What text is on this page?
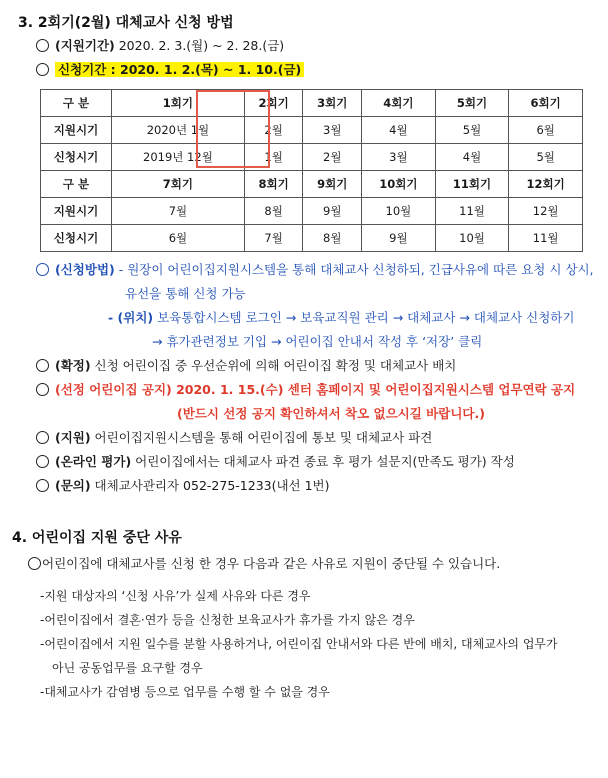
3. 2회기(2월) 대체교사 신청 방법
(지원기간) 2020. 2. 3.(월) ~ 2. 28.(금)
신청기간 : 2020. 1. 2.(목) ~ 1. 10.(금)
구 분	1회기	2회기	3회기	4회기	5회기	6회기
지원시기	2020년 1월	2월	3월	4월	5월	6월
신청시기	2019년 12월	1월	2월	3월	4월	5월
구 분	7회기	8회기	9회기	10회기	11회기	12회기
지원시기	7월	8월	9월	10월	11월	12월
신청시기	6월	7월	8월	9월	10월	11월
(신청방법) - 원장이 어린이집지원시스템을 통해 대체교사 신청하되, 긴급사유에 따른 요청 시 상시,
유선을 통해 신청 가능
- (위치) 보육통합시스템 로그인 → 보육교직원 관리 → 대체교사 → 대체교사 신청하기
→ 휴가관련정보 기입 → 어린이집 안내서 작성 후 ‘저장’ 클릭
(확정) 신청 어린이집 중 우선순위에 의해 어린이집 확정 및 대체교사 배치
(선정 어린이집 공지) 2020. 1. 15.(수) 센터 홈페이지 및 어린이집지원시스템 업무연락 공지
(반드시 선정 공지 확인하셔서 착오 없으시길 바랍니다.)
(지원) 어린이집지원시스템을 통해 어린이집에 통보 및 대체교사 파견
(온라인 평가) 어린이집에서는 대체교사 파견 종료 후 평가 설문지(만족도 평가) 작성
(문의) 대체교사관리자 052-275-1233(내선 1번)
4. 어린이집 지원 중단 사유
어린이집에 대체교사를 신청 한 경우 다음과 같은 사유로 지원이 중단될 수 있습니다.
-지원 대상자의 ‘신청 사유’가 실제 사유와 다른 경우
-어린이집에서 결혼·연가 등을 신청한 보육교사가 휴가를 가지 않은 경우
-어린이집에서 지원 일수를 분할 사용하거나, 어린이집 안내서와 다른 반에 배치, 대체교사의 업무가
아닌 공동업무를 요구할 경우
-대체교사가 감염병 등으로 업무를 수행 할 수 없을 경우
